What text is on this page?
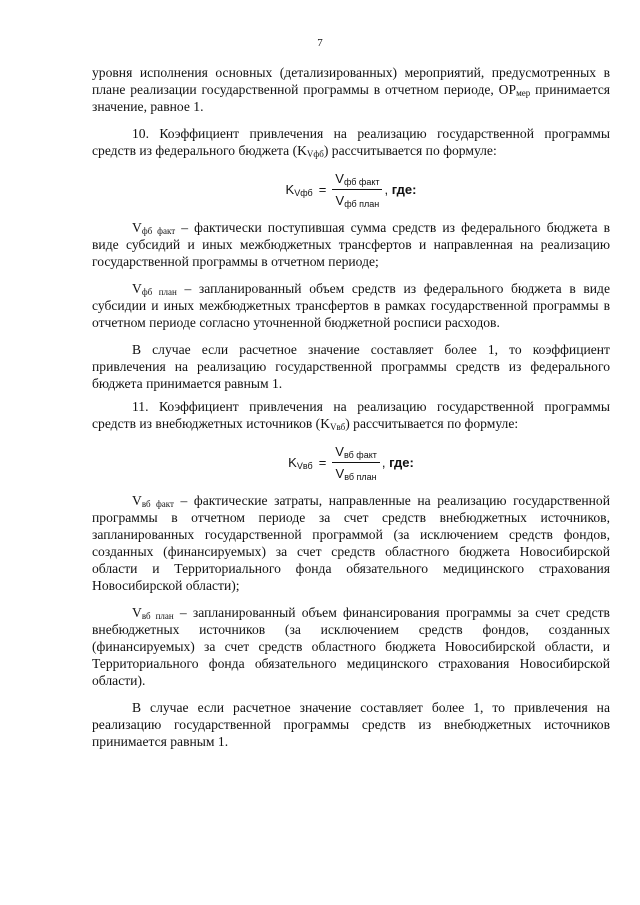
7

уровня исполнения основных (детализированных) мероприятий, предусмотренных в плане реализации государственной программы в отчетном периоде, $ОР_{мер}$ принимается значение, равное 1.

10. Коэффициент привлечения на реализацию государственной программы средств из федерального бюджета $(K_{Vфб})$ рассчитывается по формуле:

$K_{Vфб} = \frac{V_{фб факт}}{V_{фб план}}$ , где:

$V_{фб факт}$ – фактически поступившая сумма средств из федерального бюджета в виде субсидий и иных межбюджетных трансфертов и направленная на реализацию государственной программы в отчетном периоде;

$V_{фб план}$ – запланированный объем средств из федерального бюджета в виде субсидии и иных межбюджетных трансфертов в рамках государственной программы в отчетном периоде согласно уточненной бюджетной росписи расходов.

В случае если расчетное значение составляет более 1, то коэффициент привлечения на реализацию государственной программы средств из федерального бюджета принимается равным 1.

11. Коэффициент привлечения на реализацию государственной программы средств из внебюджетных источников $(K_{Vвб})$ рассчитывается по формуле:

$K_{Vвб} = \frac{V_{вб факт}}{V_{вб план}}$ , где:

$V_{вб факт}$ – фактические затраты, направленные на реализацию государственной программы в отчетном периоде за счет средств внебюджетных источников, запланированных государственной программой (за исключением средств фондов, созданных (финансируемых) за счет средств областного бюджета Новосибирской области и Территориального фонда обязательного медицинского страхования Новосибирской области);

$V_{вб план}$ – запланированный объем финансирования программы за счет средств внебюджетных источников (за исключением средств фондов, созданных (финансируемых) за счет средств областного бюджета Новосибирской области, и Территориального фонда обязательного медицинского страхования Новосибирской области).

В случае если расчетное значение составляет более 1, то привлечения на реализацию государственной программы средств из внебюджетных источников принимается равным 1.
